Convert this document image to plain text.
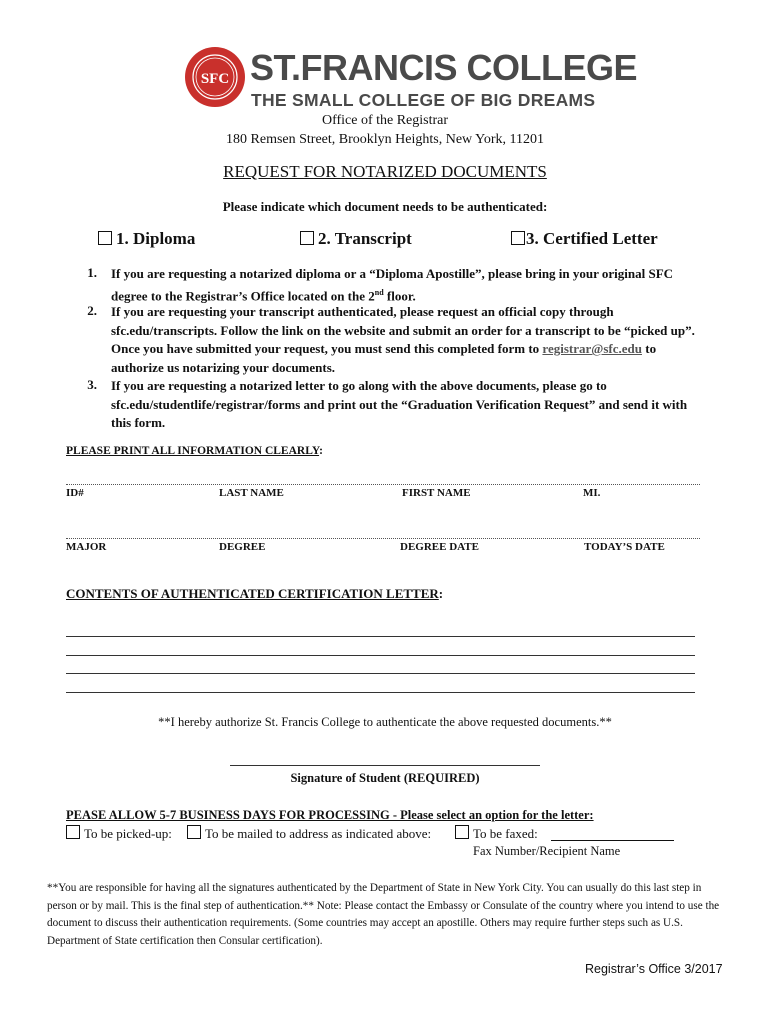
SFC ST.FRANCIS COLLEGE
THE SMALL COLLEGE OF BIG DREAMS
Office of the Registrar
180 Remsen Street, Brooklyn Heights, New York, 11201
REQUEST FOR NOTARIZED DOCUMENTS
Please indicate which document needs to be authenticated:
1. Diploma	2. Transcript	3. Certified Letter
1. If you are requesting a notarized diploma or a “Diploma Apostille”, please bring in your original SFC degree to the Registrar’s Office located on the 2nd floor.
2. If you are requesting your transcript authenticated, please request an official copy through sfc.edu/transcripts. Follow the link on the website and submit an order for a transcript to be “picked up”. Once you have submitted your request, you must send this completed form to registrar@sfc.edu to authorize us notarizing your documents.
3. If you are requesting a notarized letter to go along with the above documents, please go to sfc.edu/studentlife/registrar/forms and print out the “Graduation Verification Request” and send it with this form.
PLEASE PRINT ALL INFORMATION CLEARLY:
ID#	LAST NAME	FIRST NAME	MI.
MAJOR	DEGREE	DEGREE DATE	TODAY’S DATE
CONTENTS OF AUTHENTICATED CERTIFICATION LETTER:
**I hereby authorize St. Francis College to authenticate the above requested documents.**
Signature of Student (REQUIRED)
PEASE ALLOW 5-7 BUSINESS DAYS FOR PROCESSING - Please select an option for the letter:
To be picked-up:	To be mailed to address as indicated above:	To be faxed:
Fax Number/Recipient Name
**You are responsible for having all the signatures authenticated by the Department of State in New York City. You can usually do this last step in person or by mail. This is the final step of authentication.** Note: Please contact the Embassy or Consulate of the country where you intend to use the document to discuss their authentication requirements. (Some countries may accept an apostille. Others may require further steps such as U.S. Department of State certification then Consular certification).
Registrar’s Office 3/2017
